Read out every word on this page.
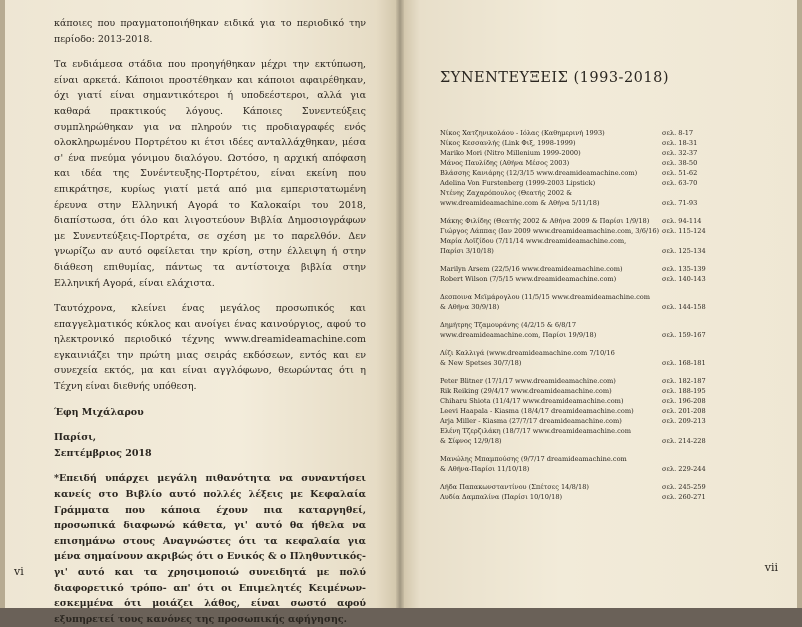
κάποιες που πραγματοποιήθηκαν ειδικά για το περιοδικό την περίοδο: 2013-2018.

Τα ενδιάμεσα στάδια που προηγήθηκαν μέχρι την εκτύπωση, είναι αρκετά. Κάποιοι προστέθηκαν και κάποιοι αφαιρέθηκαν, όχι γιατί είναι σημαντικότεροι ή υποδεέστεροι, αλλά για καθαρά πρακτικούς λόγους. Κάποιες Συνεντεύξεις συμπληρώθηκαν για να πληρούν τις προδιαγραφές ενός ολοκληρωμένου Πορτρέτου κι έτσι ιδέες ανταλλάχθηκαν, μέσα σ' ένα πνεύμα γόνιμου διαλόγου. Ωστόσο, η αρχική απόφαση και ιδέα της Συνέντευξης-Πορτρέτου, είναι εκείνη που επικράτησε, κυρίως γιατί μετά από μια εμπεριστατωμένη έρευνα στην Ελληνική Αγορά το Καλοκαίρι του 2018, διαπίστωσα, ότι όλο και λιγοστεύουν Βιβλία Δημοσιογράφων με Συνεντεύξεις-Πορτρέτα, σε σχέση με το παρελθόν. Δεν γνωρίζω αν αυτό οφείλεται την κρίση, στην έλλειψη ή στην διάθεση επιθυμίας, πάντως τα αντίστοιχα βιβλία στην Ελληνική Αγορά, είναι ελάχιστα.

Ταυτόχρονα, κλείνει ένας μεγάλος προσωπικός και επαγγελματικός κύκλος και ανοίγει ένας καινούργιος, αφού το ηλεκτρονικό περιοδικό τέχνης www.dreamideamachine.com εγκαινιάζει την πρώτη μιας σειράς εκδόσεων, εντός και εν συνεχεία εκτός, μα και είναι αγγλόφωνο, θεωρώντας ότι η Τέχνη είναι διεθνής υπόθεση.

Έφη Μιχάλαρου

Παρίσι,

Σεπτέμβριος 2018

*Επειδή υπάρχει μεγάλη πιθανότητα να συναντήσει κανείς στο Βιβλίο αυτό πολλές λέξεις με Κεφαλαία Γράμματα που κάποια έχουν πια καταργηθεί, προσωπικά διαφωνώ κάθετα, γι' αυτό θα ήθελα να επισημάνω στους Αναγνώστες ότι τα κεφαλαία για μένα σημαίνουν ακριβώς ότι ο Ενικός & ο Πληθυντικός-γι' αυτό και τα χρησιμοποιώ συνειδητά με πολύ διαφορετικό τρόπο- απ' ότι οι Επιμελητές Κειμένων- εσκεμμένα ότι μοιάζει λάθος, είναι σωστό αφού εξυπηρετεί τους κανόνες της προσωπικής αφήγησης.

vi
ΣΥΝΕΝΤΕΥΞΕΙΣ (1993-2018)
Νίκος Χατζηνικολάου - Ιόλας (Καθημερινή 1993)	σελ. 8-17
Νίκος Κεσσανλής (Link Φιξ, 1998-1999)	σελ. 18-31
Mariko Mori (Nitro Millenium 1999-2000)	σελ. 32-37
Μάνος Παυλίδης (Αθήνα Μέσος 2003)	σελ. 38-50
Βλάσσης Κανιάρης (12/3/15 www.dreamideamachine.com)	σελ. 51-62
Adelina Von Furstenberg (1999-2003 Lipstick)	σελ. 63-70
Ντένης Ζαχαρόπουλος (Θεατής 2002 &
www.dreamideamachine.com & Αθήνα 5/11/18)	σελ. 71-93
Μάκης Φιλίδης (Θεατής 2002 & Αθήνα 2009 & Παρίσι 1/9/18)	σελ. 94-114
Γιώργος Λάππας (Ιαν 2009 www.dreamideamachine.com, 3/6/16) σελ. 115-124
Μαρία Λοϊζίδου (7/11/14 www.dreamideamachine.com,
Παρίσι 3/10/18)	σελ. 125-134
Marilyn Arsem (22/5/16 www.dreamideamachine.com)	σελ. 135-139
Robert Wilson (7/5/15 www.dreamideamachine.com)	σελ. 140-143
Δεσποινα Μεϊμάρογλου (11/5/15 www.dreamideamachine.com
& Αθήνα 30/9/18)	σελ. 144-158
Δημήτρης Τζαμουράνης (4/2/15 & 6/8/17
www.dreamideamachine.com, Παρίσι 19/9/18)	σελ. 159-167
Λίζι Καλλιγά (www.dreamideamachine.com 7/10/16
& New Spetses 30/7/18)	σελ. 168-181
Peter Blitner (17/1/17 www.dreamideamachine.com)	σελ. 182-187
Rik Reiking (29/4/17 www.dreamideamachine.com)	σελ. 188-195
Chiharu Shiota (11/4/17 www.dreamideamachine.com)	σελ. 196-208
Leevi Haapala - Kiasma (18/4/17 dreamideamachine.com)	σελ. 201-208
Arja Miller - Kiasma (27/7/17 dreamideamachine.com)	σελ. 209-213
Ελένη Τζερζιλάκη (18/7/17 www.dreamideamachine.com
& Σίφνος 12/9/18)	σελ. 214-228
Μανώλης Μπαμπούσης (9/7/17 dreamideamachine.com
& Αθήνα-Παρίσι 11/10/18)	σελ. 229-244
Λήδα Παπακωνσταντίνου (Σπέτσες 14/8/18)	σελ. 245-259
Λυδία Δαμπαλίνα (Παρίσι 10/10/18)	σελ. 260-271
vii
